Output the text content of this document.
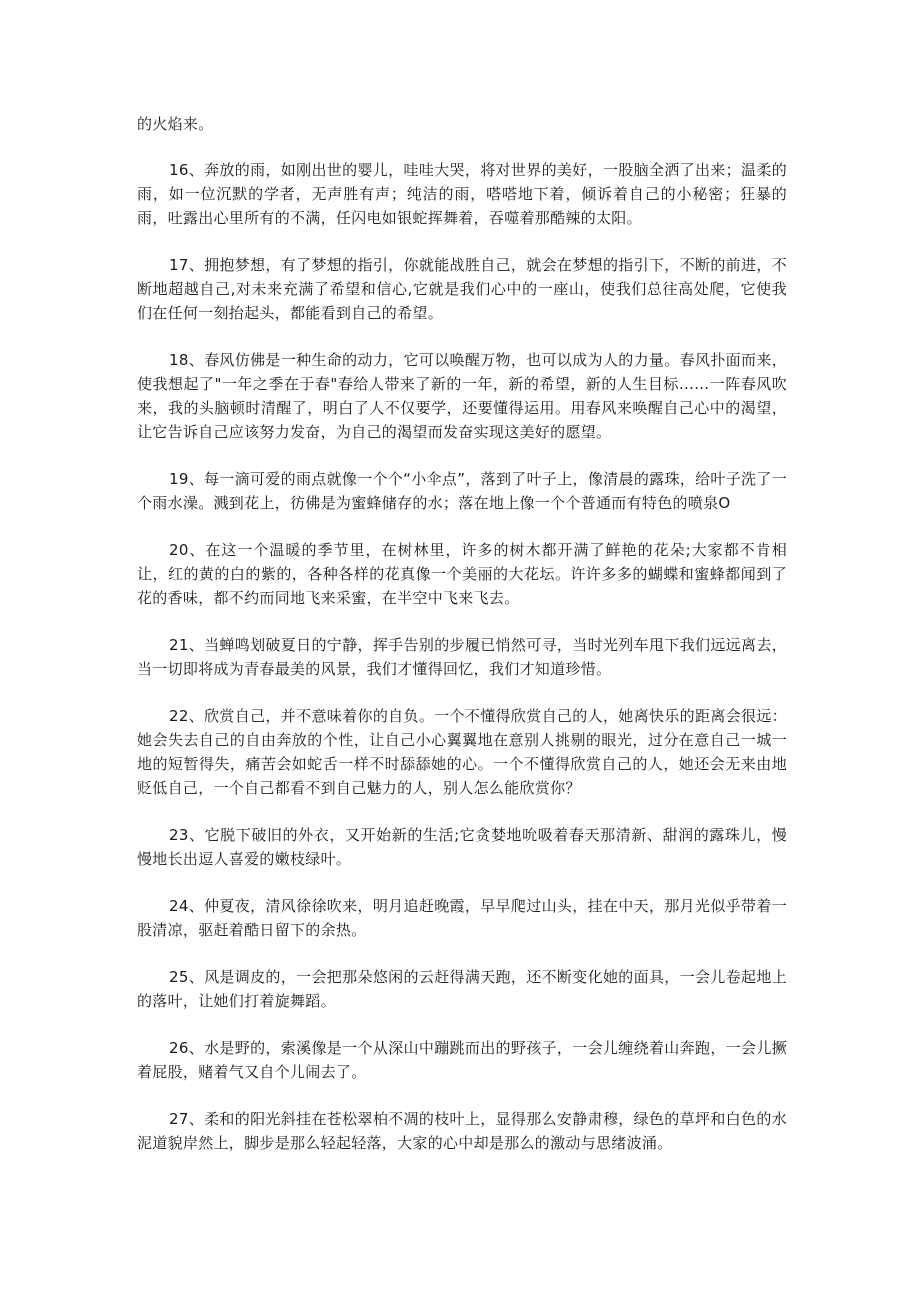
的火焰来。

16、奔放的雨，如刚出世的婴儿，哇哇大哭，将对世界的美好，一股脑全洒了出来；温柔的雨，如一位沉默的学者，无声胜有声；纯洁的雨，嗒嗒地下着，倾诉着自己的小秘密；狂暴的雨，吐露出心里所有的不满，任闪电如银蛇挥舞着，吞噬着那酷辣的太阳。

17、拥抱梦想，有了梦想的指引，你就能战胜自己，就会在梦想的指引下，不断的前进，不断地超越自己,对未来充满了希望和信心,它就是我们心中的一座山，使我们总往高处爬，它使我们在任何一刻抬起头，都能看到自己的希望。

18、春风仿佛是一种生命的动力，它可以唤醒万物，也可以成为人的力量。春风扑面而来，使我想起了"一年之季在于春"春给人带来了新的一年，新的希望，新的人生目标……一阵春风吹来，我的头脑顿时清醒了，明白了人不仅要学，还要懂得运用。用春风来唤醒自己心中的渴望，让它告诉自己应该努力发奋，为自己的渴望而发奋实现这美好的愿望。

19、每一滴可爱的雨点就像一个个“小伞点”，落到了叶子上，像清晨的露珠，给叶子洗了一个雨水澡。溅到花上，彷佛是为蜜蜂储存的水；落在地上像一个个普通而有特色的喷泉O

20、在这一个温暖的季节里，在树林里，许多的树木都开满了鲜艳的花朵;大家都不肯相让，红的黄的白的紫的，各种各样的花真像一个美丽的大花坛。许许多多的蝴蝶和蜜蜂都闻到了花的香味，都不约而同地飞来采蜜，在半空中飞来飞去。

21、当蝉鸣划破夏日的宁静，挥手告别的步履已悄然可寻，当时光列车甩下我们远远离去，当一切即将成为青春最美的风景，我们才懂得回忆，我们才知道珍惜。

22、欣赏自己，并不意味着你的自负。一个不懂得欣赏自己的人，她离快乐的距离会很远：她会失去自己的自由奔放的个性，让自己小心翼翼地在意别人挑剔的眼光，过分在意自己一城一地的短暂得失，痛苦会如蛇舌一样不时舔舔她的心。一个不懂得欣赏自己的人，她还会无来由地贬低自己，一个自己都看不到自己魅力的人，别人怎么能欣赏你？

23、它脱下破旧的外衣，又开始新的生活;它贪婪地吮吸着春天那清新、甜润的露珠儿，慢慢地长出逗人喜爱的嫩枝绿叶。

24、仲夏夜，清风徐徐吹来，明月追赶晚霞，早早爬过山头，挂在中天，那月光似乎带着一股清凉，驱赶着酷日留下的余热。

25、风是调皮的，一会把那朵悠闲的云赶得满天跑，还不断变化她的面具，一会儿卷起地上的落叶，让她们打着旋舞蹈。

26、水是野的，索溪像是一个从深山中蹦跳而出的野孩子，一会儿缠绕着山奔跑，一会儿撅着屁股，赌着气又自个儿闹去了。

27、柔和的阳光斜挂在苍松翠柏不凋的枝叶上，显得那么安静肃穆，绿色的草坪和白色的水泥道貌岸然上，脚步是那么轻起轻落，大家的心中却是那么的激动与思绪波涌。
